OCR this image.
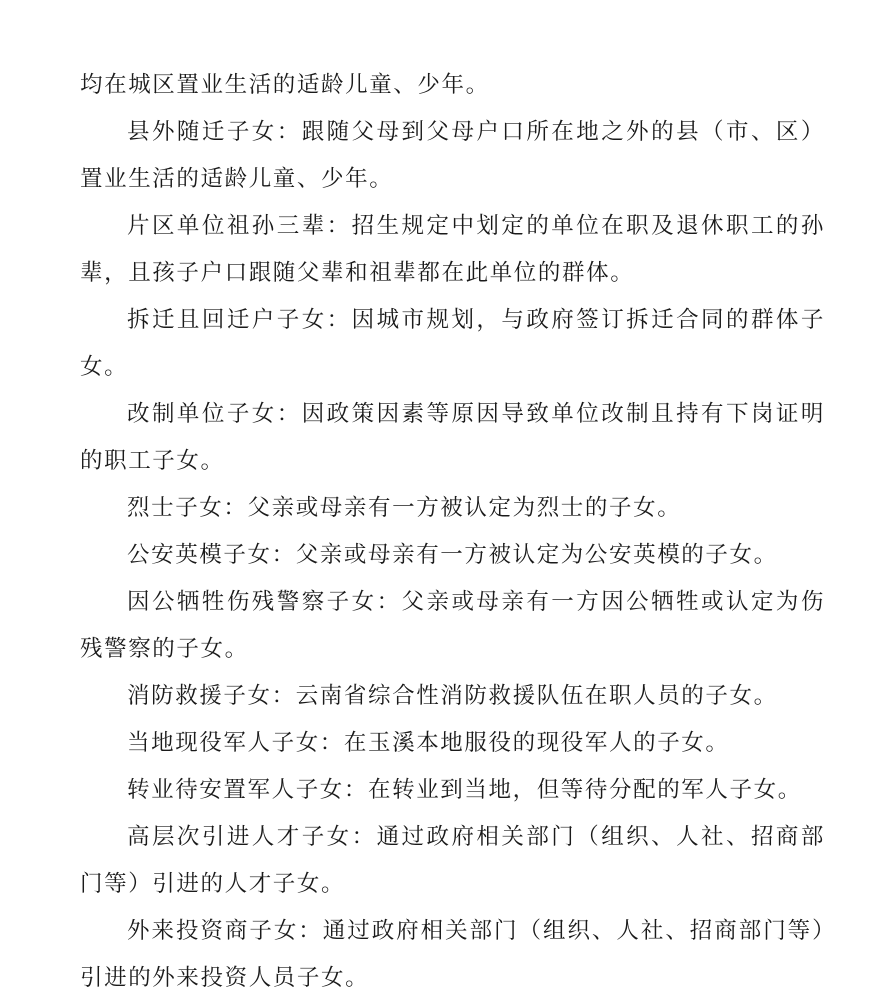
均在城区置业生活的适龄儿童、少年。

县外随迁子女：跟随父母到父母户口所在地之外的县（市、区）置业生活的适龄儿童、少年。

片区单位祖孙三辈：招生规定中划定的单位在职及退休职工的孙辈，且孩子户口跟随父辈和祖辈都在此单位的群体。

拆迁且回迁户子女：因城市规划，与政府签订拆迁合同的群体子女。

改制单位子女：因政策因素等原因导致单位改制且持有下岗证明的职工子女。

烈士子女：父亲或母亲有一方被认定为烈士的子女。

公安英模子女：父亲或母亲有一方被认定为公安英模的子女。

因公牺牲伤残警察子女：父亲或母亲有一方因公牺牲或认定为伤残警察的子女。

消防救援子女：云南省综合性消防救援队伍在职人员的子女。

当地现役军人子女：在玉溪本地服役的现役军人的子女。

转业待安置军人子女：在转业到当地，但等待分配的军人子女。

高层次引进人才子女：通过政府相关部门（组织、人社、招商部门等）引进的人才子女。

外来投资商子女：通过政府相关部门（组织、人社、招商部门等）引进的外来投资人员子女。
